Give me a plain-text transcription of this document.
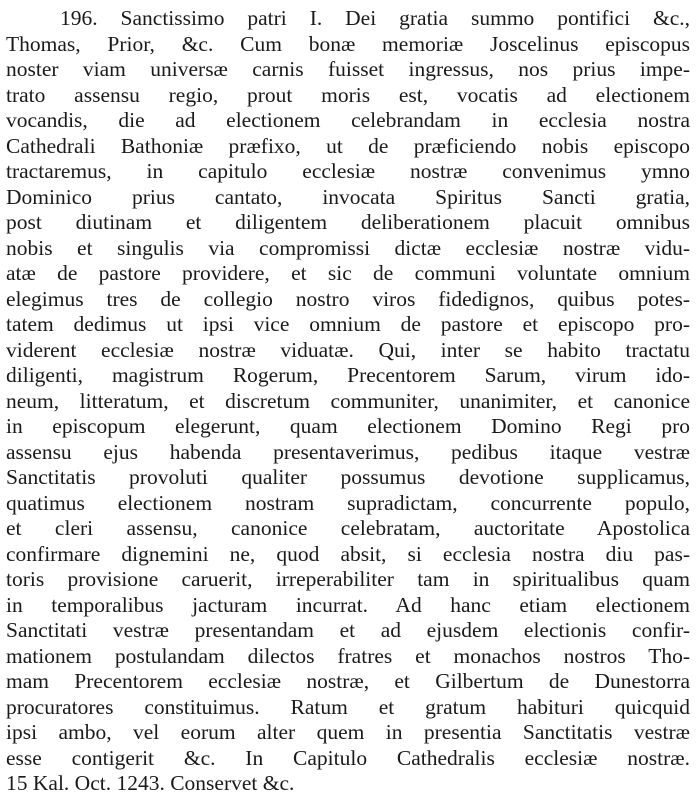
196. Sanctissimo patri I. Dei gratia summo pontifici &c.,
Thomas, Prior, &c. Cum bonæ memoriæ Joscelinus episcopus
noster viam universæ carnis fuisset ingressus, nos prius impe-
trato assensu regio, prout moris est, vocatis ad electionem
vocandis, die ad electionem celebrandam in ecclesia nostra
Cathedrali Bathoniæ præfixo, ut de præficiendo nobis episcopo
tractaremus, in capitulo ecclesiæ nostræ convenimus ymno
Dominico prius cantato, invocata Spiritus Sancti gratia,
post diutinam et diligentem deliberationem placuit omnibus
nobis et singulis via compromissi dictæ ecclesiæ nostræ vidu-
atæ de pastore providere, et sic de communi voluntate omnium
elegimus tres de collegio nostro viros fidedignos, quibus potes-
tatem dedimus ut ipsi vice omnium de pastore et episcopo pro-
viderent ecclesiæ nostræ viduatæ. Qui, inter se habito tractatu
diligenti, magistrum Rogerum, Precentorem Sarum, virum ido-
neum, litteratum, et discretum communiter, unanimiter, et canonice
in episcopum elegerunt, quam electionem Domino Regi pro
assensu ejus habenda presentaverimus, pedibus itaque vestræ
Sanctitatis provoluti qualiter possumus devotione supplicamus,
quatimus electionem nostram supradictam, concurrente populo,
et cleri assensu, canonice celebratam, auctoritate Apostolica
confirmare dignemini ne, quod absit, si ecclesia nostra diu pas-
toris provisione caruerit, irreperabiliter tam in spiritualibus quam
in temporalibus jacturam incurrat. Ad hanc etiam electionem
Sanctitati vestræ presentandam et ad ejusdem electionis confir-
mationem postulandam dilectos fratres et monachos nostros Tho-
mam Precentorem ecclesiæ nostræ, et Gilbertum de Dunestorra
procuratores constituimus. Ratum et gratum habituri quicquid
ipsi ambo, vel eorum alter quem in presentia Sanctitatis vestræ
esse contigerit &c. In Capitulo Cathedralis ecclesiæ nostræ.
15 Kal. Oct. 1243. Conservet &c.
